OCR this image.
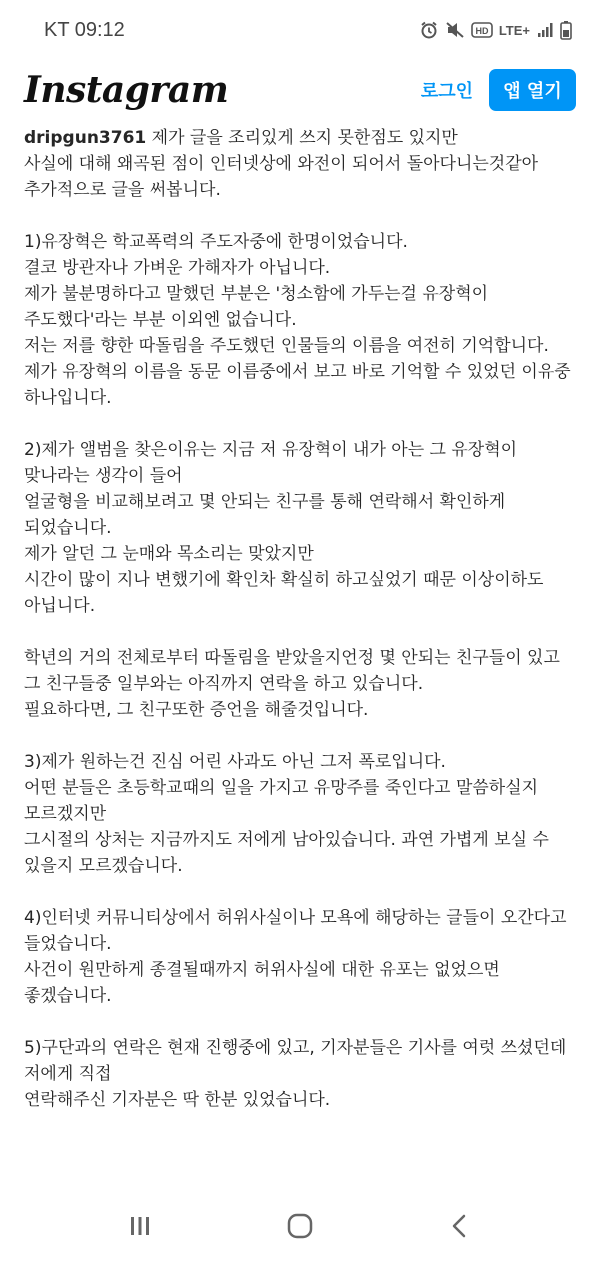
KT 09:12	HD LTE+
Instagram	로그인	앱 열기
dripgun3761 제가 글을 조리있게 쓰지 못한점도 있지만
사실에 대해 왜곡된 점이 인터넷상에 와전이 되어서 돌아다니는것같아
추가적으로 글을 써봅니다.

1)유장혁은 학교폭력의 주도자중에 한명이었습니다.
결코 방관자나 가벼운 가해자가 아닙니다.
제가 불분명하다고 말했던 부분은 '청소함에 가두는걸 유장혁이 주도했다'라는 부분 이외엔 없습니다.
저는 저를 향한 따돌림을 주도했던 인물들의 이름을 여전히 기억합니다.
제가 유장혁의 이름을 동문 이름중에서 보고 바로 기억할 수 있었던 이유중 하나입니다.

2)제가 앨범을 찾은이유는 지금 저 유장혁이 내가 아는 그 유장혁이 맞나라는 생각이 들어
얼굴형을 비교해보려고 몇 안되는 친구를 통해 연락해서 확인하게 되었습니다.
제가 알던 그 눈매와 목소리는 맞았지만
시간이 많이 지나 변했기에 확인차 확실히 하고싶었기 때문 이상이하도 아닙니다.

학년의 거의 전체로부터 따돌림을 받았을지언정 몇 안되는 친구들이 있고
그 친구들중 일부와는 아직까지 연락을 하고 있습니다.
필요하다면, 그 친구또한 증언을 해줄것입니다.

3)제가 원하는건 진심 어린 사과도 아닌 그저 폭로입니다.
어떤 분들은 초등학교때의 일을 가지고 유망주를 죽인다고 말씀하실지 모르겠지만
그시절의 상처는 지금까지도 저에게 남아있습니다. 과연 가볍게 보실 수 있을지 모르겠습니다.

4)인터넷 커뮤니티상에서 허위사실이나 모욕에 해당하는 글들이 오간다고 들었습니다.
사건이 원만하게 종결될때까지 허위사실에 대한 유포는 없었으면 좋겠습니다.

5)구단과의 연락은 현재 진행중에 있고, 기자분들은 기사를 여럿 쓰셨던데 저에게 직접
연락해주신 기자분은 딱 한분 있었습니다.
